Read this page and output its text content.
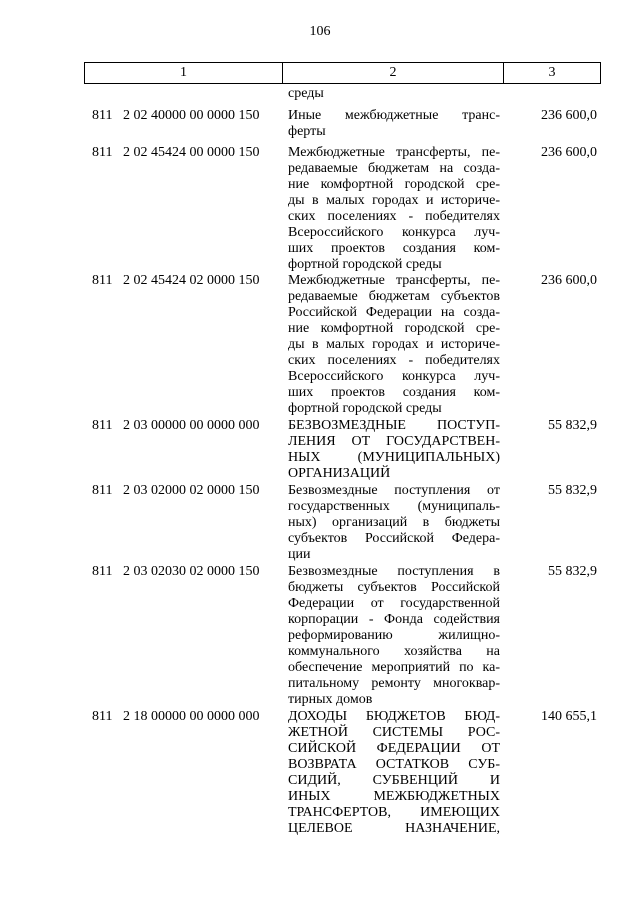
106
1	2	3
среды
811   2 02 40000 00 0000 150 Иные межбюджетные транс-
ферты
236 600,0
811   2 02 45424 00 0000 150 Межбюджетные трансферты, пе-
редаваемые бюджетам на созда-
ние комфортной городской сре-
ды в малых городах и историче-
ских поселениях - победителях
Всероссийского конкурса луч-
ших проектов создания ком-
фортной городской среды
236 600,0
811   2 02 45424 02 0000 150 Межбюджетные трансферты, пе-
редаваемые бюджетам субъектов
Российской Федерации на созда-
ние комфортной городской сре-
ды в малых городах и историче-
ских поселениях - победителях
Всероссийского конкурса луч-
ших проектов создания ком-
фортной городской среды
236 600,0
811   2 03 00000 00 0000 000 БЕЗВОЗМЕЗДНЫЕ ПОСТУП-
ЛЕНИЯ ОТ ГОСУДАРСТВЕН-
НЫХ (МУНИЦИПАЛЬНЫХ)
ОРГАНИЗАЦИЙ
55 832,9
811   2 03 02000 02 0000 150 Безвозмездные поступления от
государственных (муниципаль-
ных) организаций в бюджеты
субъектов Российской Федера-
ции
55 832,9
811   2 03 02030 02 0000 150 Безвозмездные поступления в
бюджеты субъектов Российской
Федерации от государственной
корпорации - Фонда содействия
реформированию жилищно-
коммунального хозяйства на
обеспечение мероприятий по ка-
питальному ремонту многоквар-
тирных домов
55 832,9
811   2 18 00000 00 0000 000 ДОХОДЫ БЮДЖЕТОВ БЮД-
ЖЕТНОЙ СИСТЕМЫ РОС-
СИЙСКОЙ ФЕДЕРАЦИИ ОТ
ВОЗВРАТА ОСТАТКОВ СУБ-
СИДИЙ, СУБВЕНЦИЙ И
ИНЫХ МЕЖБЮДЖЕТНЫХ
ТРАНСФЕРТОВ, ИМЕЮЩИХ
ЦЕЛЕВОЕ НАЗНАЧЕНИЕ,
140 655,1
